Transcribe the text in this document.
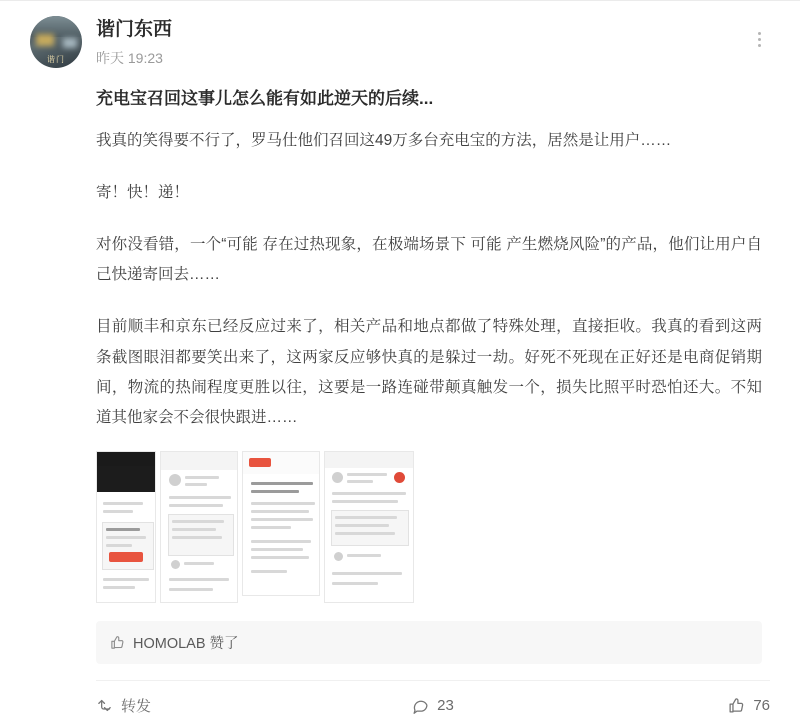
谐门
谐门东西
昨天 19:23
充电宝召回这事儿怎么能有如此逆天的后续...
我真的笑得要不行了，罗马仕他们召回这49万多台充电宝的方法，居然是让用户……
寄！快！递！
对你没看错，一个“可能 存在过热现象，在极端场景下 可能 产生燃烧风险”的产品，他们让用户自己快递寄回去……
目前顺丰和京东已经反应过来了，相关产品和地点都做了特殊处理，直接拒收。我真的看到这两条截图眼泪都要笑出来了，这两家反应够快真的是躲过一劫。好死不死现在正好还是电商促销期间，物流的热闹程度更胜以往，这要是一路连碰带颠真触发一个，损失比照平时恐怕还大。不知道其他家会不会很快跟进……
HOMOLAB 赞了
转发	23	76
